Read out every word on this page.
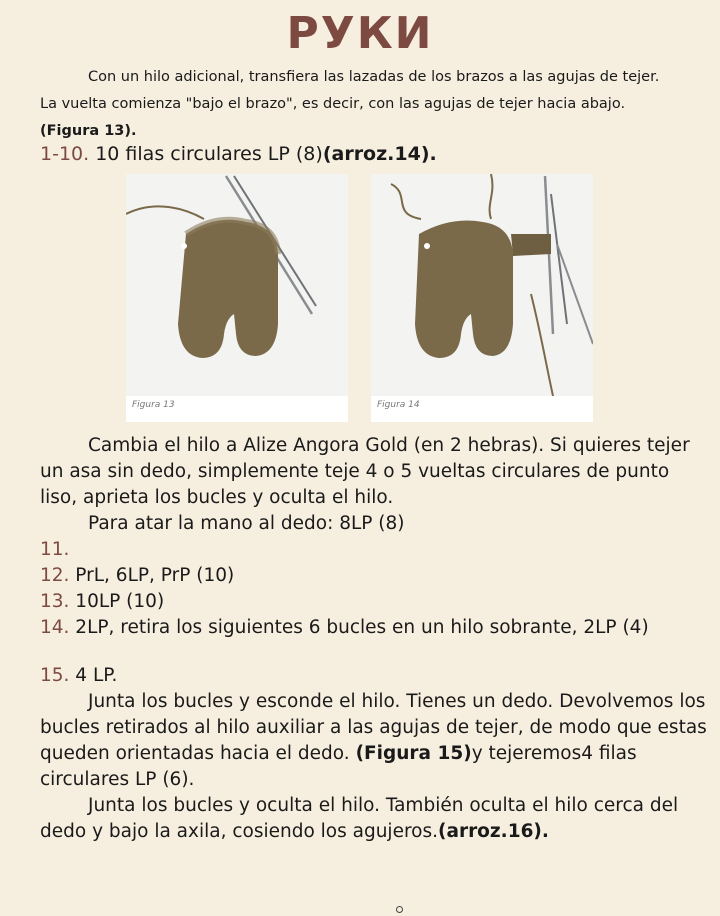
РУКИ

Con un hilo adicional, transfiera las lazadas de los brazos a las agujas de tejer.

La vuelta comienza "bajo el brazo", es decir, con las agujas de tejer hacia abajo.

(Figura 13).

1-10. 10 filas circulares LP (8)(arroz.14).
Figura 13	Figura 14

Cambia el hilo a Alize Angora Gold (en 2 hebras). Si quieres tejer un asa sin dedo, simplemente teje 4 o 5 vueltas circulares de punto liso, aprieta los bucles y oculta el hilo.

Para atar la mano al dedo: 8LP (8)

11.

12. PrL, 6LP, PrP (10)

13. 10LP (10)

14. 2LP, retira los siguientes 6 bucles en un hilo sobrante, 2LP (4)

15. 4 LP.

Junta los bucles y esconde el hilo. Tienes un dedo. Devolvemos los bucles retirados al hilo auxiliar a las agujas de tejer, de modo que estas queden orientadas hacia el dedo. (Figura 15)y tejeremos4 filas circulares LP (6).

Junta los bucles y oculta el hilo. También oculta el hilo cerca del dedo y bajo la axila, cosiendo los agujeros.(arroz.16).
